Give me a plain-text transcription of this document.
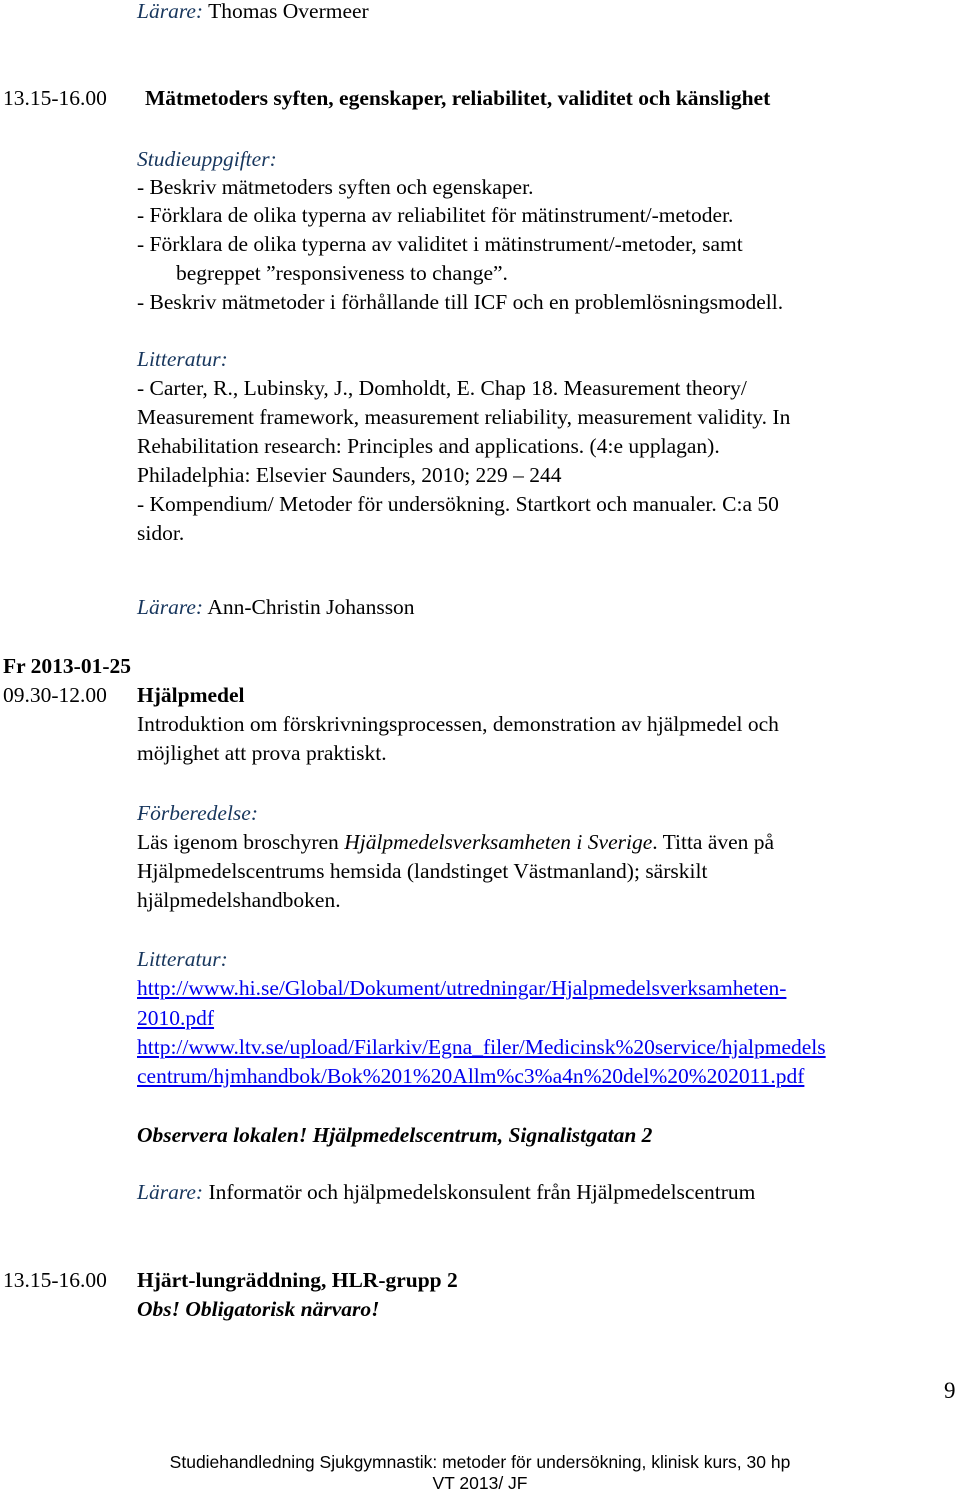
Lärare: Thomas Overmeer
13.15-16.00 Mätmetoders syften, egenskaper, reliabilitet, validitet och känslighet
Studieuppgifter:
- Beskriv mätmetoders syften och egenskaper.
- Förklara de olika typerna av reliabilitet för mätinstrument/-metoder.
- Förklara de olika typerna av validitet i mätinstrument/-metoder, samt
begreppet ”responsiveness to change”.
- Beskriv mätmetoder i förhållande till ICF och en problemlösningsmodell.
Litteratur:
- Carter, R., Lubinsky, J., Domholdt, E. Chap 18. Measurement theory/
Measurement framework, measurement reliability, measurement validity. In
Rehabilitation research: Principles and applications. (4:e upplagan).
Philadelphia: Elsevier Saunders, 2010; 229 – 244
- Kompendium/ Metoder för undersökning. Startkort och manualer. C:a 50
sidor.
Lärare: Ann-Christin Johansson
Fr 2013-01-25
09.30-12.00 Hjälpmedel
Introduktion om förskrivningsprocessen, demonstration av hjälpmedel och
möjlighet att prova praktiskt.
Förberedelse:
Läs igenom broschyren Hjälpmedelsverksamheten i Sverige. Titta även på
Hjälpmedelscentrums hemsida (landstinget Västmanland); särskilt
hjälpmedelshandboken.
Litteratur:
http://www.hi.se/Global/Dokument/utredningar/Hjalpmedelsverksamheten-
2010.pdf
http://www.ltv.se/upload/Filarkiv/Egna_filer/Medicinsk%20service/hjalpmedels
centrum/hjmhandbok/Bok%201%20Allm%c3%a4n%20del%20%202011.pdf
Observera lokalen! Hjälpmedelscentrum, Signalistgatan 2
Lärare: Informatör och hjälpmedelskonsulent från Hjälpmedelscentrum
13.15-16.00 Hjärt-lungräddning, HLR-grupp 2
Obs! Obligatorisk närvaro!
9
Studiehandledning Sjukgymnastik: metoder för undersökning, klinisk kurs, 30 hp
VT 2013/ JF
